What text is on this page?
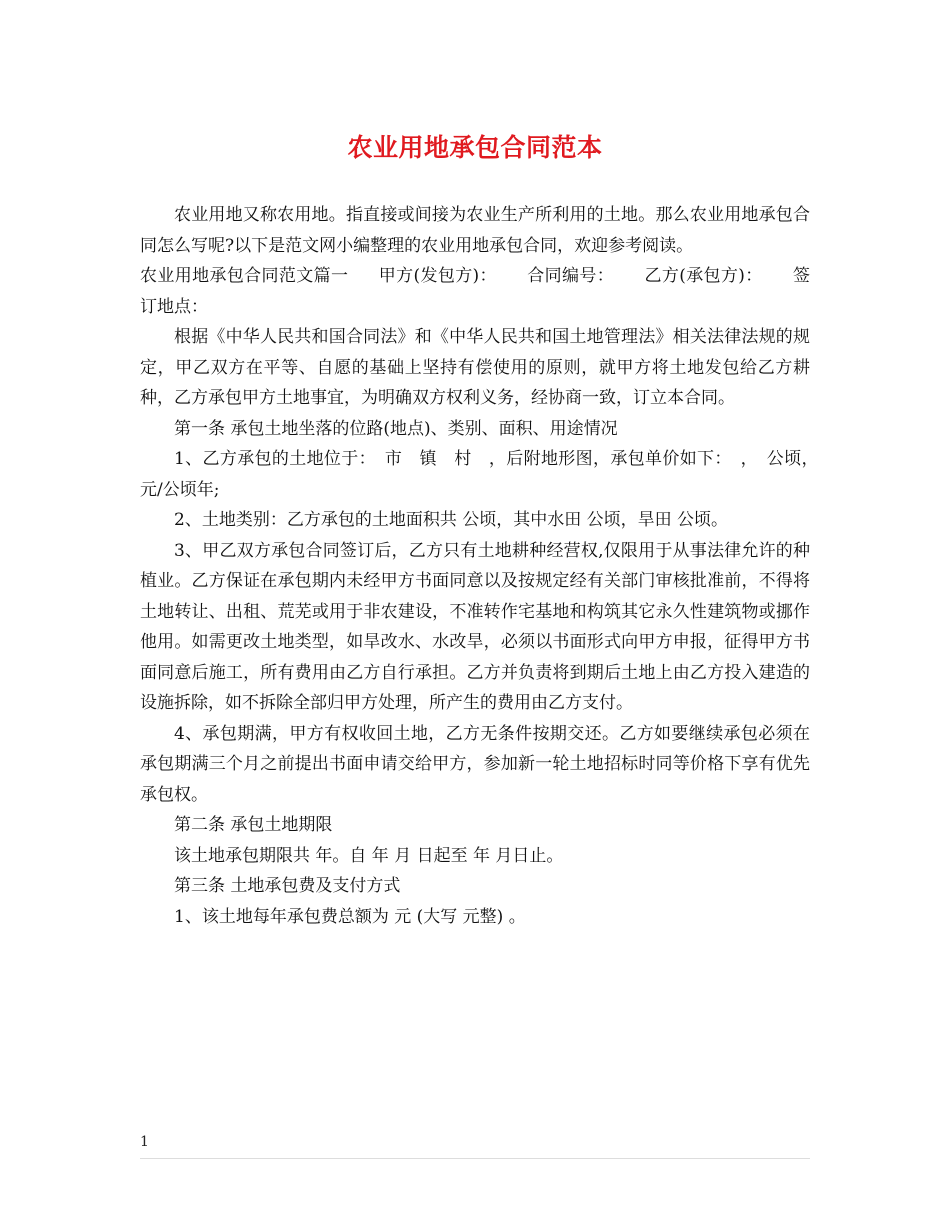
农业用地承包合同范本

农业用地又称农用地。指直接或间接为农业生产所利用的土地。那么农业用地承包合同怎么写呢?以下是范文网小编整理的农业用地承包合同，欢迎参考阅读。

农业用地承包合同范文篇一 甲方(发包方)： 合同编号： 乙方(承包方)： 签订地点：

根据《中华人民共和国合同法》和《中华人民共和国土地管理法》相关法律法规的规定，甲乙双方在平等、自愿的基础上坚持有偿使用的原则，就甲方将土地发包给乙方耕种，乙方承包甲方土地事宜，为明确双方权利义务，经协商一致，订立本合同。

第一条 承包土地坐落的位路(地点)、类别、面积、用途情况

1、乙方承包的土地位于：　市　镇　村　，后附地形图，承包单价如下：　，　公顷，　元/公顷年;

2、土地类别：乙方承包的土地面积共 公顷，其中水田 公顷，旱田 公顷。

3、甲乙双方承包合同签订后，乙方只有土地耕种经营权,仅限用于从事法律允许的种植业。乙方保证在承包期内未经甲方书面同意以及按规定经有关部门审核批准前，不得将土地转让、出租、荒芜或用于非农建设，不准转作宅基地和构筑其它永久性建筑物或挪作他用。如需更改土地类型，如旱改水、水改旱，必须以书面形式向甲方申报，征得甲方书面同意后施工，所有费用由乙方自行承担。乙方并负责将到期后土地上由乙方投入建造的设施拆除，如不拆除全部归甲方处理，所产生的费用由乙方支付。

4、承包期满，甲方有权收回土地，乙方无条件按期交还。乙方如要继续承包必须在承包期满三个月之前提出书面申请交给甲方，参加新一轮土地招标时同等价格下享有优先承包权。

第二条 承包土地期限

该土地承包期限共 年。自 年 月 日起至 年 月日止。

第三条 土地承包费及支付方式

1、该土地每年承包费总额为 元 (大写 元整) 。

1
